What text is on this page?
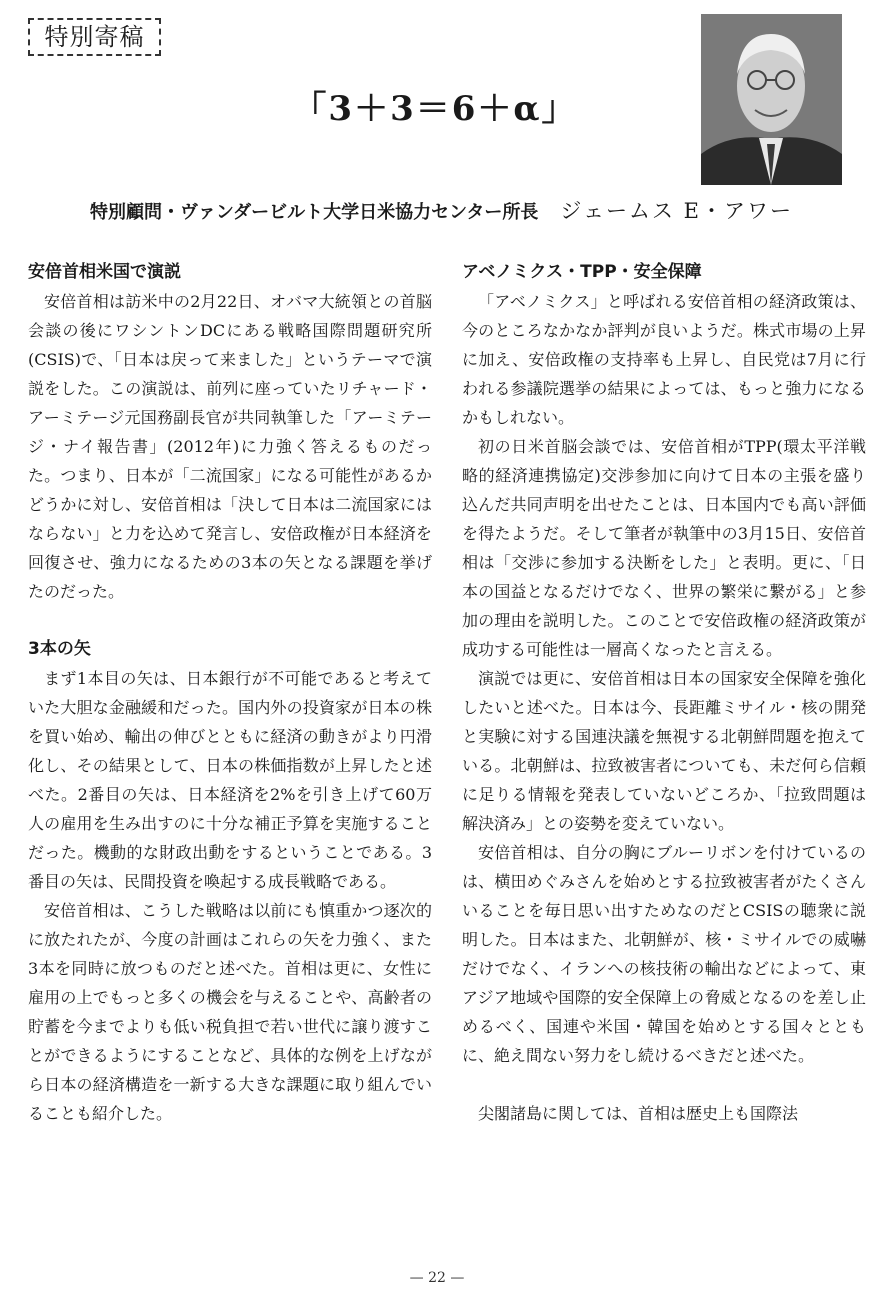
特別寄稿
「3＋3＝6＋α」
特別顧問・ヴァンダービルト大学日米協力センター所長 ジェームス E・アワー
安倍首相米国で演説

安倍首相は訪米中の2月22日、オバマ大統領との首脳会談の後にワシントンDCにある戦略国際問題研究所(CSIS)で、「日本は戻って来ました」というテーマで演説をした。この演説は、前列に座っていたリチャード・アーミテージ元国務副長官が共同執筆した「アーミテージ・ナイ報告書」(2012年)に力強く答えるものだった。つまり、日本が「二流国家」になる可能性があるかどうかに対し、安倍首相は「決して日本は二流国家にはならない」と力を込めて発言し、安倍政権が日本経済を回復させ、強力になるための3本の矢となる課題を挙げたのだった。

3本の矢

まず1本目の矢は、日本銀行が不可能であると考えていた大胆な金融緩和だった。国内外の投資家が日本の株を買い始め、輸出の伸びとともに経済の動きがより円滑化し、その結果として、日本の株価指数が上昇したと述べた。2番目の矢は、日本経済を2%を引き上げて60万人の雇用を生み出すのに十分な補正予算を実施することだった。機動的な財政出動をするということである。3番目の矢は、民間投資を喚起する成長戦略である。

安倍首相は、こうした戦略は以前にも慎重かつ逐次的に放たれたが、今度の計画はこれらの矢を力強く、また3本を同時に放つものだと述べた。首相は更に、女性に雇用の上でもっと多くの機会を与えることや、高齢者の貯蓄を今までよりも低い税負担で若い世代に譲り渡すことができるようにすることなど、具体的な例を上げながら日本の経済構造を一新する大きな課題に取り組んでいることも紹介した。

アベノミクス・TPP・安全保障

「アベノミクス」と呼ばれる安倍首相の経済政策は、今のところなかなか評判が良いようだ。株式市場の上昇に加え、安倍政権の支持率も上昇し、自民党は7月に行われる参議院選挙の結果によっては、もっと強力になるかもしれない。

初の日米首脳会談では、安倍首相がTPP(環太平洋戦略的経済連携協定)交渉参加に向けて日本の主張を盛り込んだ共同声明を出せたことは、日本国内でも高い評価を得たようだ。そして筆者が執筆中の3月15日、安倍首相は「交渉に参加する決断をした」と表明。更に、「日本の国益となるだけでなく、世界の繁栄に繋がる」と参加の理由を説明した。このことで安倍政権の経済政策が成功する可能性は一層高くなったと言える。

演説では更に、安倍首相は日本の国家安全保障を強化したいと述べた。日本は今、長距離ミサイル・核の開発と実験に対する国連決議を無視する北朝鮮問題を抱えている。北朝鮮は、拉致被害者についても、未だ何ら信頼に足りる情報を発表していないどころか、「拉致問題は解決済み」との姿勢を変えていない。

安倍首相は、自分の胸にブルーリボンを付けているのは、横田めぐみさんを始めとする拉致被害者がたくさんいることを毎日思い出すためなのだとCSISの聴衆に説明した。日本はまた、北朝鮮が、核・ミサイルでの威嚇だけでなく、イランへの核技術の輸出などによって、東アジア地域や国際的安全保障上の脅威となるのを差し止めるべく、国連や米国・韓国を始めとする国々とともに、絶え間ない努力をし続けるべきだと述べた。

尖閣諸島に関しては、首相は歴史上も国際法

— 22 —
